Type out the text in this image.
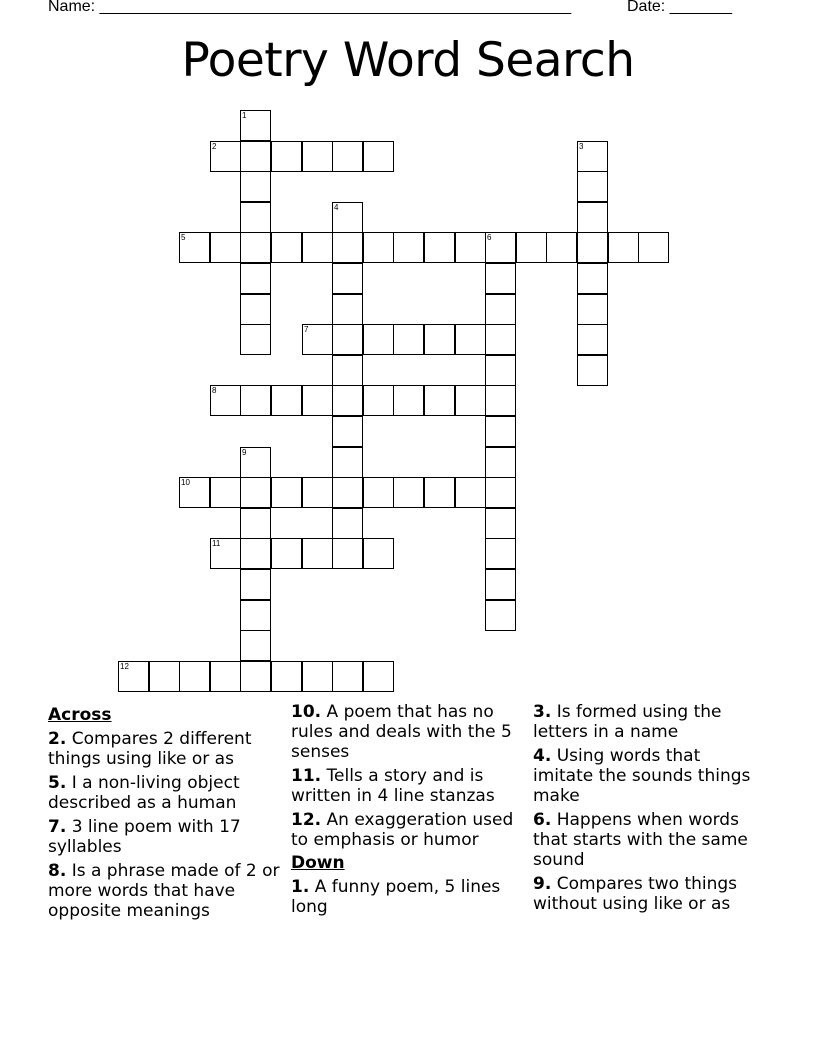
Name: _____________________________________________________	Date: _______
Poetry Word Search
1
2	3
4
5	6
7
8
9
10
11
12
Across
2. Compares 2 different things using like or as
5. I a non-living object described as a human
7. 3 line poem with 17 syllables
8. Is a phrase made of 2 or more words that have opposite meanings
10. A poem that has no rules and deals with the 5 senses
11. Tells a story and is written in 4 line stanzas
12. An exaggeration used to emphasis or humor
Down
1. A funny poem, 5 lines long
3. Is formed using the letters in a name
4. Using words that imitate the sounds things make
6. Happens when words that starts with the same sound
9. Compares two things without using like or as
